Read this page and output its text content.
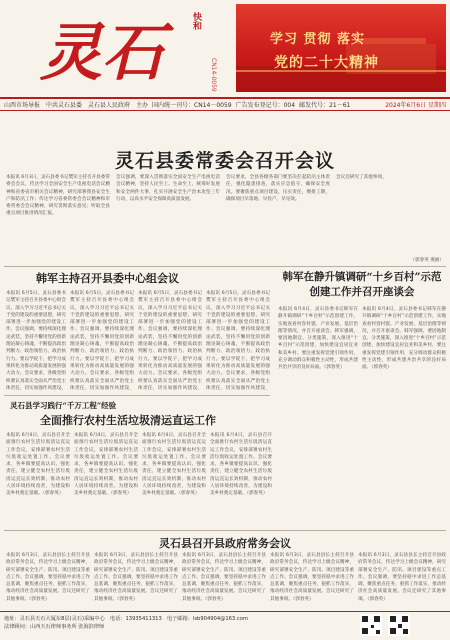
灵石	快和
CN14-0059
学习 贯彻 落实
党的二十大精神
山西市场导报　中共灵石县委　灵石县人民政府　主办 国内统一刊号：CN14－0059 广告发布登记号：004 邮发代号：21－61	2024年6月6日 星期四
灵石县委常委会召开会议
本报讯 6月3日，灵石县委书记樊军主持召开县委常委会会议，传达学习全国安全生产电视电话会议精神和省委省市相关会议精神，研究部署我县安全生产和防汛工作；传达学习省委常委会会议精神和市委常委会会议精神，研究贯彻落实意见；听取全县重点项目推进情况汇报。
会议强调，要深入贯彻落实全国安全生产电视电话会议精神，坚持人民至上、生命至上，统筹好发展和安全两件大事，扎实开展安全生产治本攻坚三年行动，以高水平安全保障高质量发展。
会议要求，全县各级各部门要坚决扛起防汛主体责任，强化隐患排查，落实应急值守，确保安全度汛。要聚焦重点项目建设，压实责任，倒排工期，确保项目早落地、早投产、早见效。
会议还研究了其他事项。
（郭春英 燕丽）
韩军主持召开县委中心组会议
本报讯 6月5日，灵石县委书记樊军主持召开县委中心组会议，深入学习习近平总书记关于党的建设的重要思想，研究部署进一步加强党的建设工作。会议强调，要持续深化理论武装，坚持不懈用党的创新理论凝心铸魂，不断提高政治判断力、政治领悟力、政治执行力。要以学促干，把学习成果转化为推动高质量发展的强大动力。会议要求，各级党组织要认真落实全面从严治党主体责任，切实加强作风建设，
本报讯 6月5日，灵石县委书记樊军主持召开县委中心组会议，深入学习习近平总书记关于党的建设的重要思想，研究部署进一步加强党的建设工作。会议强调，要持续深化理论武装，坚持不懈用党的创新理论凝心铸魂，不断提高政治判断力、政治领悟力、政治执行力。要以学促干，把学习成果转化为推动高质量发展的强大动力。会议要求，各级党组织要认真落实全面从严治党主体责任，切实加强作风建设，
本报讯 6月5日，灵石县委书记樊军主持召开县委中心组会议，深入学习习近平总书记关于党的建设的重要思想，研究部署进一步加强党的建设工作。会议强调，要持续深化理论武装，坚持不懈用党的创新理论凝心铸魂，不断提高政治判断力、政治领悟力、政治执行力。要以学促干，把学习成果转化为推动高质量发展的强大动力。会议要求，各级党组织要认真落实全面从严治党主体责任，切实加强作风建设，
本报讯 6月5日，灵石县委书记樊军主持召开县委中心组会议，深入学习习近平总书记关于党的建设的重要思想，研究部署进一步加强党的建设工作。会议强调，要持续深化理论武装，坚持不懈用党的创新理论凝心铸魂，不断提高政治判断力、政治领悟力、政治执行力。要以学促干，把学习成果转化为推动高质量发展的强大动力。会议要求，各级党组织要认真落实全面从严治党主体责任，切实加强作风建设，
韩军在静升镇调研“十乡百村”示范创建工作并召开座谈会
本报讯 6月4日，灵石县委书记韩军在静升镇调研“十乡百村”示范创建工作，实地查看村容村貌、产业发展、基层治理等情况，并召开座谈会。韩军强调，要因地制宜、分类施策，深入推进“十乡百村”示范创建，加快建设宜居宜业和美乡村。要注重发挥党建引领作用，充分调动群众积极性主动性，形成共建共治共享的良好局面。（郭春英）
本报讯 6月4日，灵石县委书记韩军在静升镇调研“十乡百村”示范创建工作，实地查看村容村貌、产业发展、基层治理等情况，并召开座谈会。韩军强调，要因地制宜、分类施策，深入推进“十乡百村”示范创建，加快建设宜居宜业和美乡村。要注重发挥党建引领作用，充分调动群众积极性主动性，形成共建共治共享的良好局面。（郭春英）
灵石县学习践行“千万工程”经验
全面推行农村生活垃圾清运直运工作
本报讯 6月4日，灵石县召开全面推行农村生活垃圾清运直运工作会议，安排部署农村生活垃圾收运处置工作。会议要求，各乡镇要提高认识、强化责任，建立健全农村生活垃圾清运直运长效机制，推动农村人居环境持续改善，为建设和美乡村奠定基础。（郭春英）
本报讯 6月4日，灵石县召开全面推行农村生活垃圾清运直运工作会议，安排部署农村生活垃圾收运处置工作。会议要求，各乡镇要提高认识、强化责任，建立健全农村生活垃圾清运直运长效机制，推动农村人居环境持续改善，为建设和美乡村奠定基础。（郭春英）
本报讯 6月4日，灵石县召开全面推行农村生活垃圾清运直运工作会议，安排部署农村生活垃圾收运处置工作。会议要求，各乡镇要提高认识、强化责任，建立健全农村生活垃圾清运直运长效机制，推动农村人居环境持续改善，为建设和美乡村奠定基础。（郭春英）
本报讯 6月4日，灵石县召开全面推行农村生活垃圾清运直运工作会议，安排部署农村生活垃圾收运处置工作。会议要求，各乡镇要提高认识、强化责任，建立健全农村生活垃圾清运直运长效机制，推动农村人居环境持续改善，为建设和美乡村奠定基础。（郭春英）
灵石县召开县政府常务会议
本报讯 6月3日，灵石县县长主持召开县政府常务会议，传达学习上级会议精神，研究部署安全生产、防汛、项目建设等重点工作。会议强调，要坚持稳中求进工作总基调，聚焦重点任务，狠抓工作落实，推动经济社会高质量发展。会议还研究了其他事项。（郭春英）
本报讯 6月3日，灵石县县长主持召开县政府常务会议，传达学习上级会议精神，研究部署安全生产、防汛、项目建设等重点工作。会议强调，要坚持稳中求进工作总基调，聚焦重点任务，狠抓工作落实，推动经济社会高质量发展。会议还研究了其他事项。（郭春英）
本报讯 6月3日，灵石县县长主持召开县政府常务会议，传达学习上级会议精神，研究部署安全生产、防汛、项目建设等重点工作。会议强调，要坚持稳中求进工作总基调，聚焦重点任务，狠抓工作落实，推动经济社会高质量发展。会议还研究了其他事项。（郭春英）
本报讯 6月3日，灵石县县长主持召开县政府常务会议，传达学习上级会议精神，研究部署安全生产、防汛、项目建设等重点工作。会议强调，要坚持稳中求进工作总基调，聚焦重点任务，狠抓工作落实，推动经济社会高质量发展。会议还研究了其他事项。（郭春英）
本报讯 6月3日，灵石县县长主持召开县政府常务会议，传达学习上级会议精神，研究部署安全生产、防汛、项目建设等重点工作。会议强调，要坚持稳中求进工作总基调，聚焦重点任务，狠抓工作落实，推动经济社会高质量发展。会议还研究了其他事项。（郭春英）
地址：灵石县天石大厦东8层(灵石)采编中心　电话：13935411313　电子邮箱：lsb904904@163.com
法律顾问：山西天石律师事务所 张海滨律师
